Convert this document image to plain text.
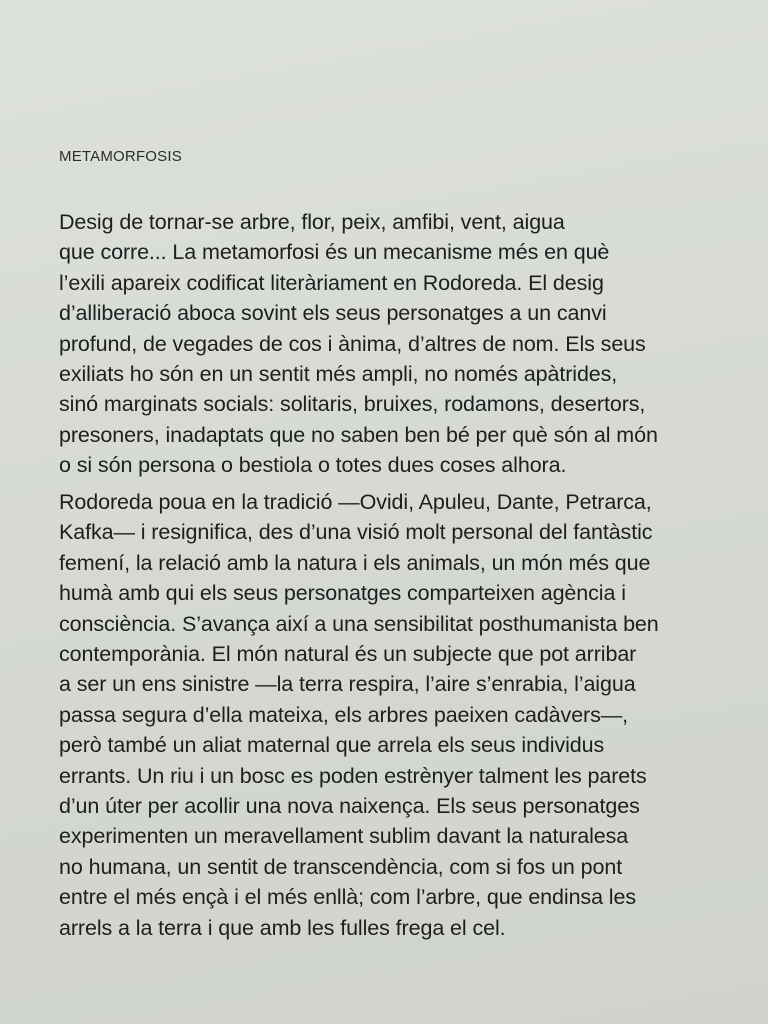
METAMORFOSIS

Desig de tornar-se arbre, flor, peix, amfibi, vent, aigua
que corre... La metamorfosi és un mecanisme més en què
l’exili apareix codificat literàriament en Rodoreda. El desig
d’alliberació aboca sovint els seus personatges a un canvi
profund, de vegades de cos i ànima, d’altres de nom. Els seus
exiliats ho són en un sentit més ampli, no només apàtrides,
sinó marginats socials: solitaris, bruixes, rodamons, desertors,
presoners, inadaptats que no saben ben bé per què són al món
o si són persona o bestiola o totes dues coses alhora.

Rodoreda poua en la tradició —Ovidi, Apuleu, Dante, Petrarca,
Kafka— i resignifica, des d’una visió molt personal del fantàstic
femení, la relació amb la natura i els animals, un món més que
humà amb qui els seus personatges comparteixen agència i
consciència. S’avança així a una sensibilitat posthumanista ben
contemporània. El món natural és un subjecte que pot arribar
a ser un ens sinistre —la terra respira, l’aire s’enrabia, l’aigua
passa segura d’ella mateixa, els arbres paeixen cadàvers—,
però també un aliat maternal que arrela els seus individus
errants. Un riu i un bosc es poden estrènyer talment les parets
d’un úter per acollir una nova naixença. Els seus personatges
experimenten un meravellament sublim davant la naturalesa
no humana, un sentit de transcendència, com si fos un pont
entre el més ençà i el més enllà; com l’arbre, que endinsa les
arrels a la terra i que amb les fulles frega el cel.
